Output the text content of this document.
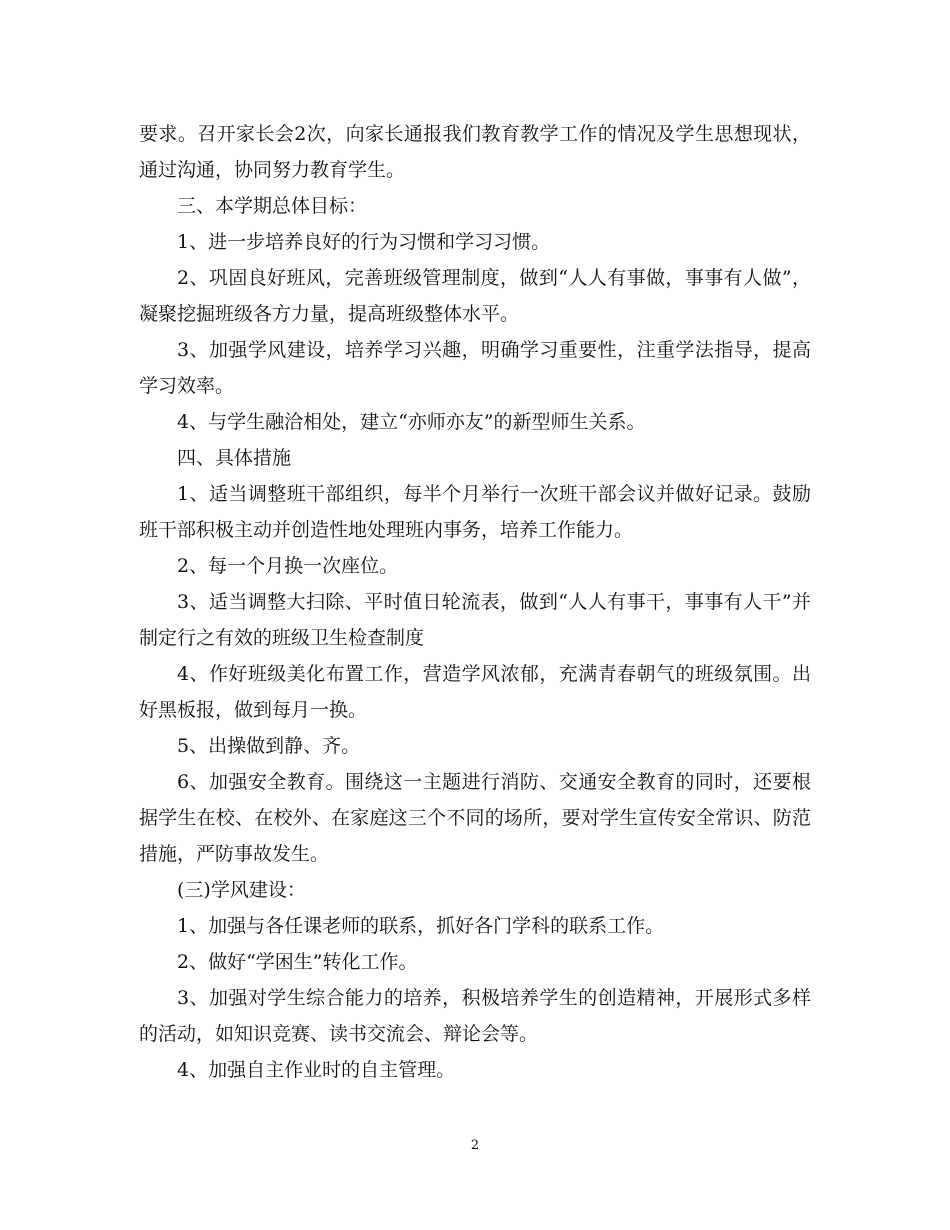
要求。召开家长会2次，向家长通报我们教育教学工作的情况及学生思想现状，通过沟通，协同努力教育学生。

三、本学期总体目标：

1、进一步培养良好的行为习惯和学习习惯。

2、巩固良好班风，完善班级管理制度，做到“人人有事做，事事有人做”，凝聚挖掘班级各方力量，提高班级整体水平。

3、加强学风建设，培养学习兴趣，明确学习重要性，注重学法指导，提高学习效率。

4、与学生融洽相处，建立“亦师亦友”的新型师生关系。

四、具体措施

1、适当调整班干部组织，每半个月举行一次班干部会议并做好记录。鼓励班干部积极主动并创造性地处理班内事务，培养工作能力。

2、每一个月换一次座位。

3、适当调整大扫除、平时值日轮流表，做到“人人有事干，事事有人干”并制定行之有效的班级卫生检查制度

4、作好班级美化布置工作，营造学风浓郁，充满青春朝气的班级氛围。出好黑板报，做到每月一换。

5、出操做到静、齐。

6、加强安全教育。围绕这一主题进行消防、交通安全教育的同时，还要根据学生在校、在校外、在家庭这三个不同的场所，要对学生宣传安全常识、防范措施，严防事故发生。

(三)学风建设：

1、加强与各任课老师的联系，抓好各门学科的联系工作。

2、做好“学困生”转化工作。

3、加强对学生综合能力的培养，积极培养学生的创造精神，开展形式多样的活动，如知识竞赛、读书交流会、辩论会等。

4、加强自主作业时的自主管理。

2
